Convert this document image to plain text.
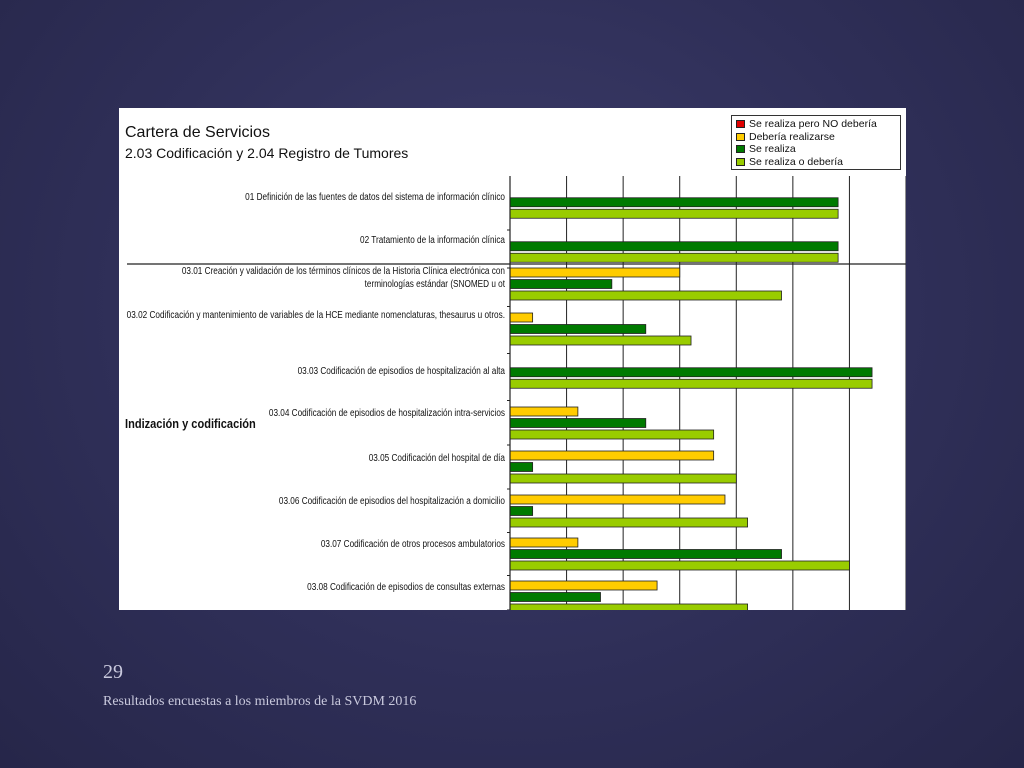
Cartera de Servicios
2.03 Codificación y 2.04 Registro de Tumores
Se realiza pero NO debería
Debería realizarse
Se realiza
Se realiza o debería
01 Definición de las fuentes de datos del sistema de información clínico
02 Tratamiento de la información clínica
03.01 Creación y validación de los términos clínicos de la Historia Clínica electrónica con terminologías estándar (SNOMED u ot
03.02 Codificación y mantenimiento de variables de la HCE mediante nomenclaturas, thesaurus u otros.
03.03 Codificación de episodios de hospitalización al alta
03.04 Codificación de episodios de hospitalización intra-servicios
03.05 Codificación del hospital de día
03.06 Codificación de episodios del hospitalización a domicilio
03.07 Codificación de otros procesos ambulatorios
03.08 Codificación de episodios de consultas externas
Indización y codificación
29
Resultados encuestas a los miembros de la SVDM 2016
